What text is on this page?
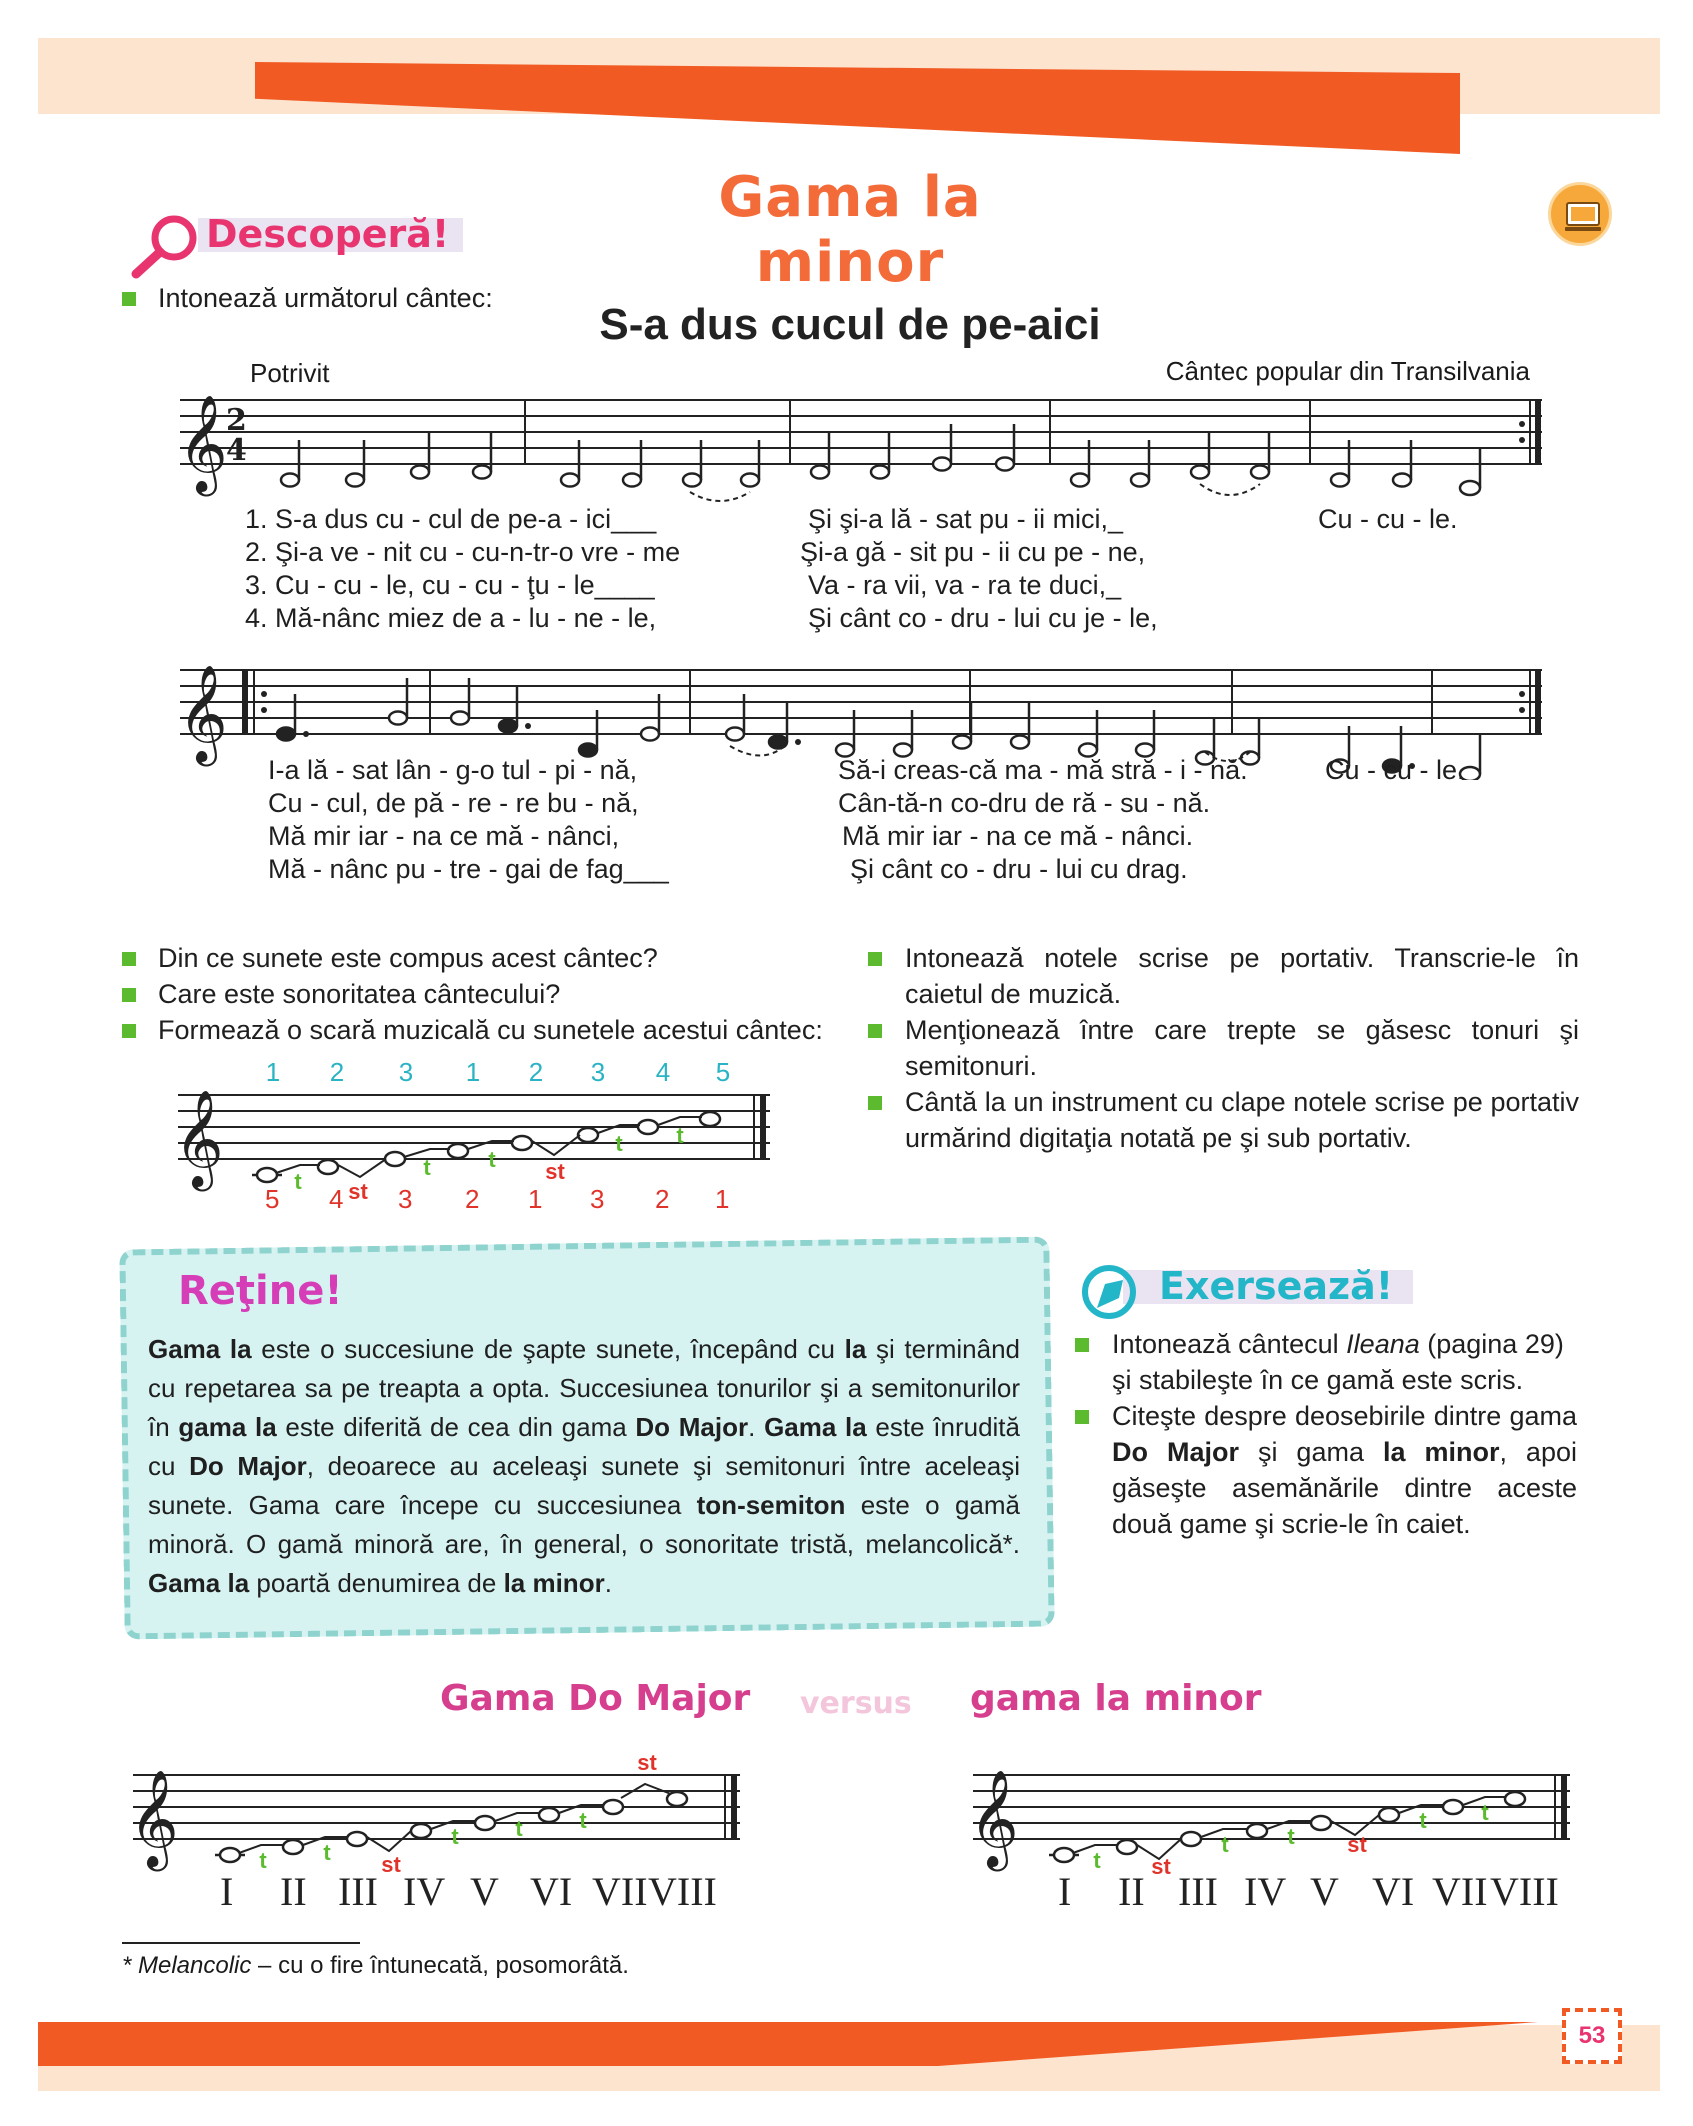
Gama la minor
Descoperă!
Intonează următorul cântec:
S-a dus cucul de pe-aici
Potrivit	Cântec popular din Transilvania
𝄞
2
4
1. S-a dus cu - cul de pe-a - ici___	Şi şi-a lă - sat pu - ii mici,_	Cu - cu - le.
2. Şi-a ve - nit cu - cu-n-tr-o vre - me	Şi-a gă - sit pu - ii cu pe - ne,
3. Cu - cu - le, cu - cu - ţu - le____	Va - ra vii, va - ra te duci,_
4. Mă-nânc miez de a - lu - ne - le,	Şi cânt co - dru - lui cu je - le,
𝄞
I-a lă - sat lân - g-o tul - pi - nă,	Să-i creas-că ma - mă stră - i - nă.	Cu - cu - le.
Cu - cul, de pă - re - re bu - nă,	Cân-tă-n co-dru de ră - su - nă.
Mă mir iar - na ce mă - nânci,	Mă mir iar - na ce mă - nânci.
Mă - nânc pu - tre - gai de fag___	Şi cânt co - dru - lui cu drag.
Din ce sunete este compus acest cântec?
Care este sonoritatea cântecului?
Formează o scară muzicală cu sunetele acestui cântec:
Intonează notele scrise pe portativ. Transcrie-le în caietul de muzică.
Menţionează între care trepte se găsesc tonuri şi semitonuri.
Cântă la un instrument cu clape notele scrise pe portativ urmărind digitaţia notată pe şi sub portativ.
1 2 3 1 2 3 4 5
𝄞	t st
t	t st
t t
5 4 3 2 1 3 2 1
Reţine!
Gama la este o succesiune de şapte sunete, începând cu la şi terminând cu repetarea sa pe treapta a opta. Succesiunea tonurilor şi a semitonurilor în gama la este diferită de cea din gama Do Major. Gama la este înrudită cu Do Major, deoarece au aceleaşi sunete şi semitonuri între aceleaşi sunete. Gama care începe cu succesiunea ton-semiton este o gamă minoră. O gamă minoră are, în general, o sonoritate tristă, melancolică*. Gama la poartă denumirea de la minor.
Exersează!
Intonează cântecul Ileana (pagina 29) şi stabileşte în ce gamă este scris.
Citeşte despre deosebirile dintre gama Do Major şi gama la minor, apoi găseşte asemănările dintre aceste două game şi scrie-le în caiet.
Gama Do Major versus gama la minor
𝄞	t	t st
t	t	t
st
I II III IV V VI VII VIII
𝄞	t st
t	t st
t t
I II III IV V VI VII VIII
* Melancolic – cu o fire întunecată, posomorâtă.
53
